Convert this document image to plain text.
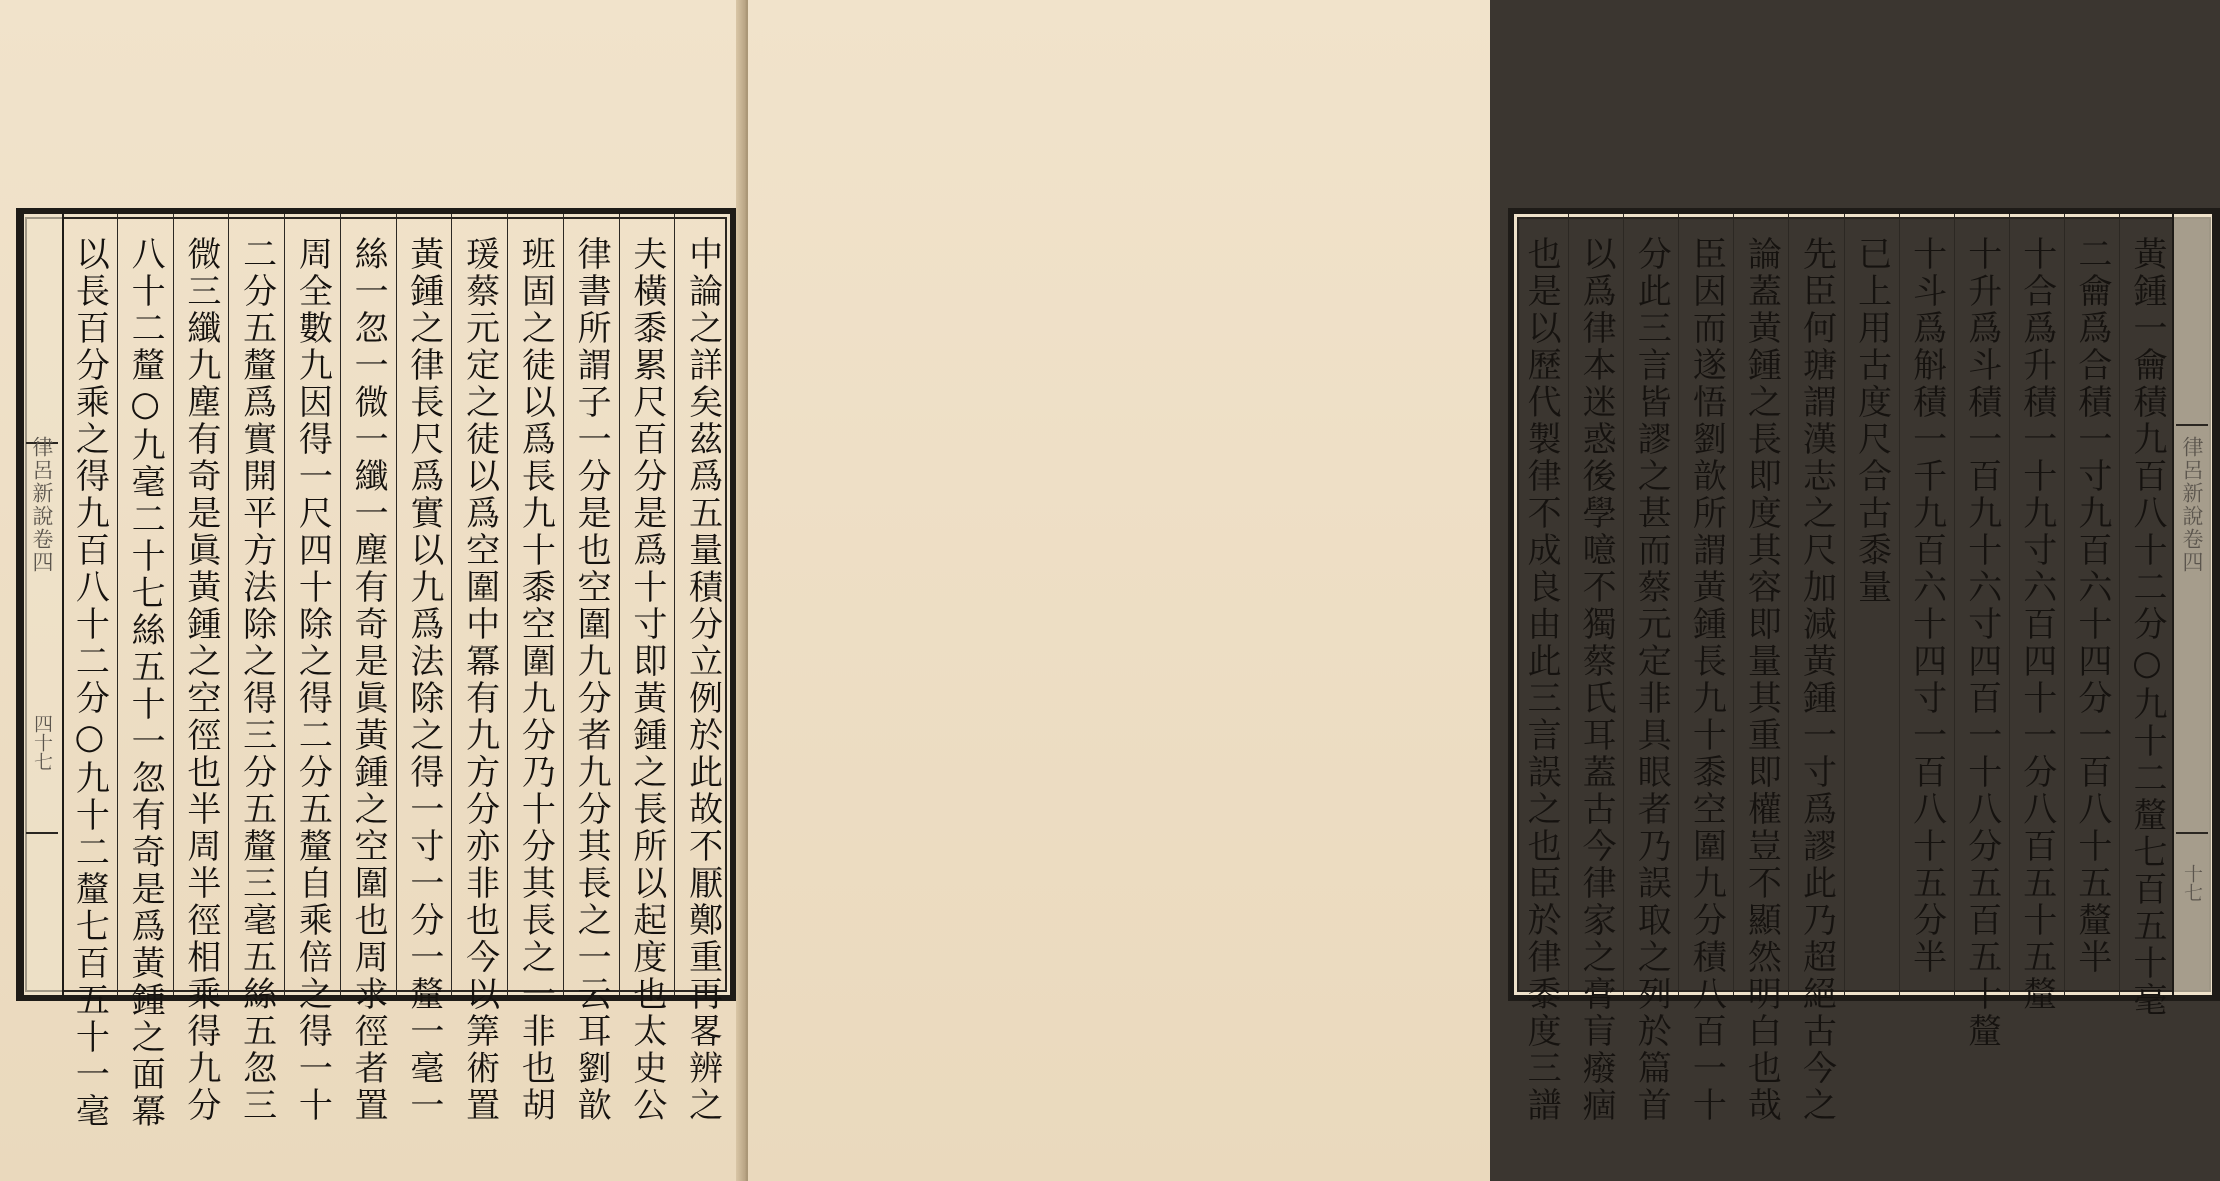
律呂新說卷四
四十七	中論之詳矣茲爲五量積分立例於此故不厭鄭重再畧辨之
夫橫黍累尺百分是爲十寸即黃鍾之長所以起度也太史公
律書所謂子一分是也空圍九分者九分其長之一云耳劉歆
班固之徒以爲長九十黍空圍九分乃十分其長之一非也胡
瑗蔡元定之徒以爲空圍中冪有九方分亦非也今以筭術置
黃鍾之律長尺爲實以九爲法除之得一寸一分一釐一毫一
絲一忽一微一纖一塵有奇是眞黃鍾之空圍也周求徑者置
周全數九因得一尺四十除之得二分五釐自乘倍之得一十
二分五釐爲實開平方法除之得三分五釐三毫五絲五忽三
微三纖九塵有奇是眞黃鍾之空徑也半周半徑相乘得九分
八十二釐○九毫二十七絲五十一忽有奇是爲黃鍾之面冪
以長百分乘之得九百八十二分○九十二釐七百五十一毫	黃鍾一龠積九百八十二分○九十二釐七百五十毫
二龠爲合積一寸九百六十四分一百八十五釐半
十合爲升積一十九寸六百四十一分八百五十五釐
十升爲斗積一百九十六寸四百一十八分五百五十釐
十斗爲斛積一千九百六十四寸一百八十五分半
已上用古度尺合古黍量
先臣何瑭謂漢志之尺加減黃鍾一寸爲謬此乃超絕古今之
論蓋黃鍾之長即度其容即量其重即權豈不顯然明白也哉
臣因而遂悟劉歆所謂黃鍾長九十黍空圍九分積八百一十
分此三言皆謬之甚而蔡元定非具眼者乃誤取之列於篇首
以爲律本迷惑後學噫不獨蔡氏耳蓋古今律家之膏肓癈痼
也是以歷代製律不成良由此三言誤之也臣於律黍度三譜	律呂新說卷四
十七
